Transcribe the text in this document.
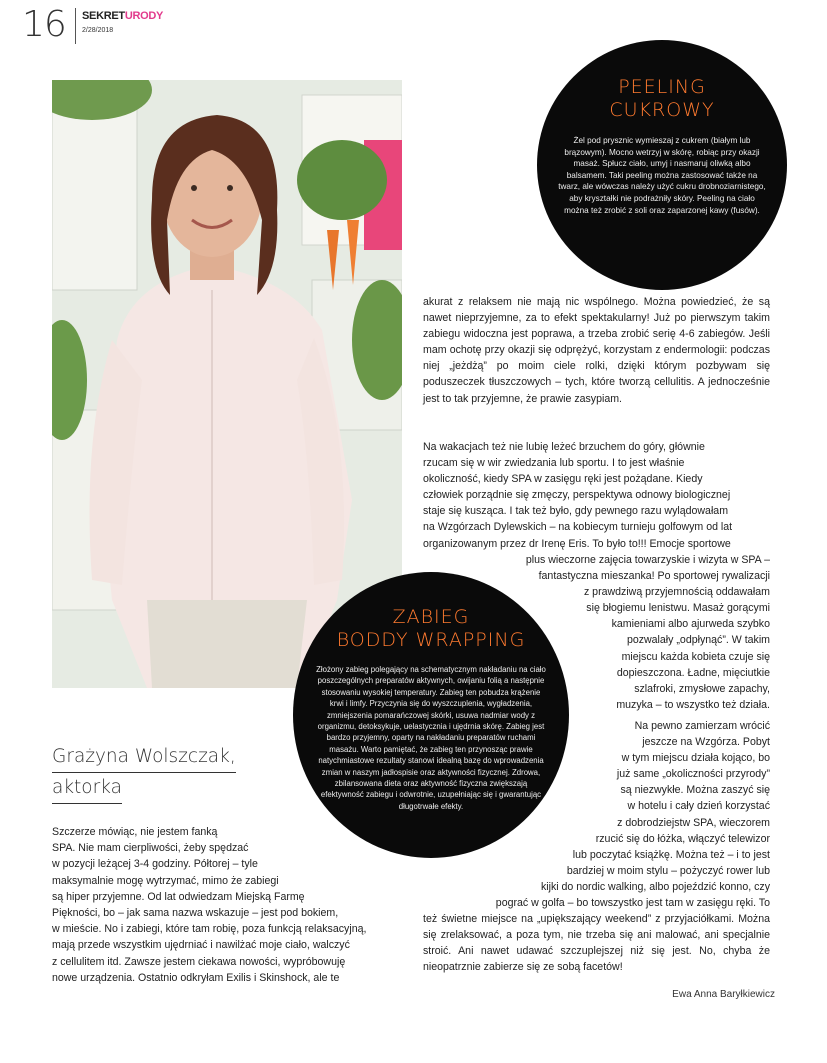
16 SEKRETURODY
2/28/2018
PEELING
CUKROWY
Żel pod prysznic wymieszaj z cukrem (białym lub brązowym). Mocno wetrzyj w skórę, robiąc przy okazji masaż. Spłucz ciało, umyj i nasmaruj oliwką albo balsamem. Taki peeling można zastosować także na twarz, ale wówczas należy użyć cukru drobnoziarnistego, aby kryształki nie podrażniły skóry. Peeling na ciało można też zrobić z soli oraz zaparzonej kawy (fusów).
akurat z relaksem nie mają nic wspólnego. Można powiedzieć, że są nawet nieprzyjemne, za to efekt spektakularny! Już po pierwszym takim zabiegu widoczna jest poprawa, a trzeba zrobić serię 4-6 zabiegów. Jeśli mam ochotę przy okazji się odprężyć, korzystam z endermologii: podczas niej „jeżdżą” po moim ciele rolki, dzięki którym pozbywam się poduszeczek tłuszczowych – tych, które tworzą cellulitis. A jednocześnie jest to tak przyjemne, że prawie zasypiam.
Na wakacjach też nie lubię leżeć brzuchem do góry, głównie
rzucam się w wir zwiedzania lub sportu. I to jest właśnie
okoliczność, kiedy SPA w zasięgu ręki jest pożądane. Kiedy
człowiek porządnie się zmęczy, perspektywa odnowy biologicznej
staje się kusząca. I tak też było, gdy pewnego razu wylądowałam
na Wzgórzach Dylewskich – na kobiecym turnieju golfowym od lat
organizowanym przez dr Irenę Eris. To było to!!! Emocje sportowe
plus wieczorne zajęcia towarzyskie i wizyta w SPA –
fantastyczna mieszanka! Po sportowej rywalizacji
z prawdziwą przyjemnością oddawałam
się błogiemu lenistwu. Masaż gorącymi
kamieniami albo ajurweda szybko
pozwalały „odpłynąć”. W takim
miejscu każda kobieta czuje się
dopieszczona. Ładne, mięciutkie
szlafroki, zmysłowe zapachy,
muzyka – to wszystko też działa.
Na pewno zamierzam wrócić
jeszcze na Wzgórza. Pobyt
w tym miejscu działa kojąco, bo
już same „okoliczności przyrody”
są niezwykłe. Można zaszyć się
w hotelu i cały dzień korzystać
z dobrodziejstw SPA, wieczorem
rzucić się do łóżka, włączyć telewizor
lub poczytać książkę. Można też – i to jest
bardziej w moim stylu – pożyczyć rower lub
kijki do nordic walking, albo pojeździć konno, czy
pograć w golfa – bo towszystko jest tam w zasięgu ręki. To
też świetne miejsce na „upiększający weekend” z przyjaciółkami. Można się zrelaksować, a poza tym, nie trzeba się ani malować, ani specjalnie stroić. Ani nawet udawać szczuplejszej niż się jest. No, chyba że nieopatrznie zabierze się ze sobą facetów!
ZABIEG
BODDY WRAPPING
Złożony zabieg polegający na schematycznym nakładaniu na ciało poszczególnych preparatów aktywnych, owijaniu folią a następnie stosowaniu wysokiej temperatury. Zabieg ten pobudza krążenie krwi i limfy. Przyczynia się do wyszczuplenia, wygładzenia, zmniejszenia pomarańczowej skórki, usuwa nadmiar wody z organizmu, detoksykuje, uelastycznia i ujędrnia skórę. Zabieg jest bardzo przyjemny, oparty na nakładaniu preparatów ruchami masażu. Warto pamiętać, że zabieg ten przynosząc prawie natychmiastowe rezultaty stanowi idealną bazę do wprowadzenia zmian w naszym jadłospisie oraz aktywności fizycznej. Zdrowa, zbilansowana dieta oraz aktywność fizyczna zwiększają efektywność zabiegu i odwrotnie, uzupełniając się i gwarantując długotrwałe efekty.
Grażyna Wolszczak,
aktorka
Szczerze mówiąc, nie jestem fanką
SPA. Nie mam cierpliwości, żeby spędzać
w pozycji leżącej 3-4 godziny. Półtorej – tyle
maksymalnie mogę wytrzymać, mimo że zabiegi
są hiper przyjemne. Od lat odwiedzam Miejską Farmę
Piękności, bo – jak sama nazwa wskazuje – jest pod bokiem,
w mieście. No i zabiegi, które tam robię, poza funkcją relaksacyjną,
mają przede wszystkim ujędrniać i nawilżać moje ciało, walczyć
z cellulitem itd. Zawsze jestem ciekawa nowości, wypróbowuję
nowe urządzenia. Ostatnio odkryłam Exilis i Skinshock, ale te
Ewa Anna Baryłkiewicz
